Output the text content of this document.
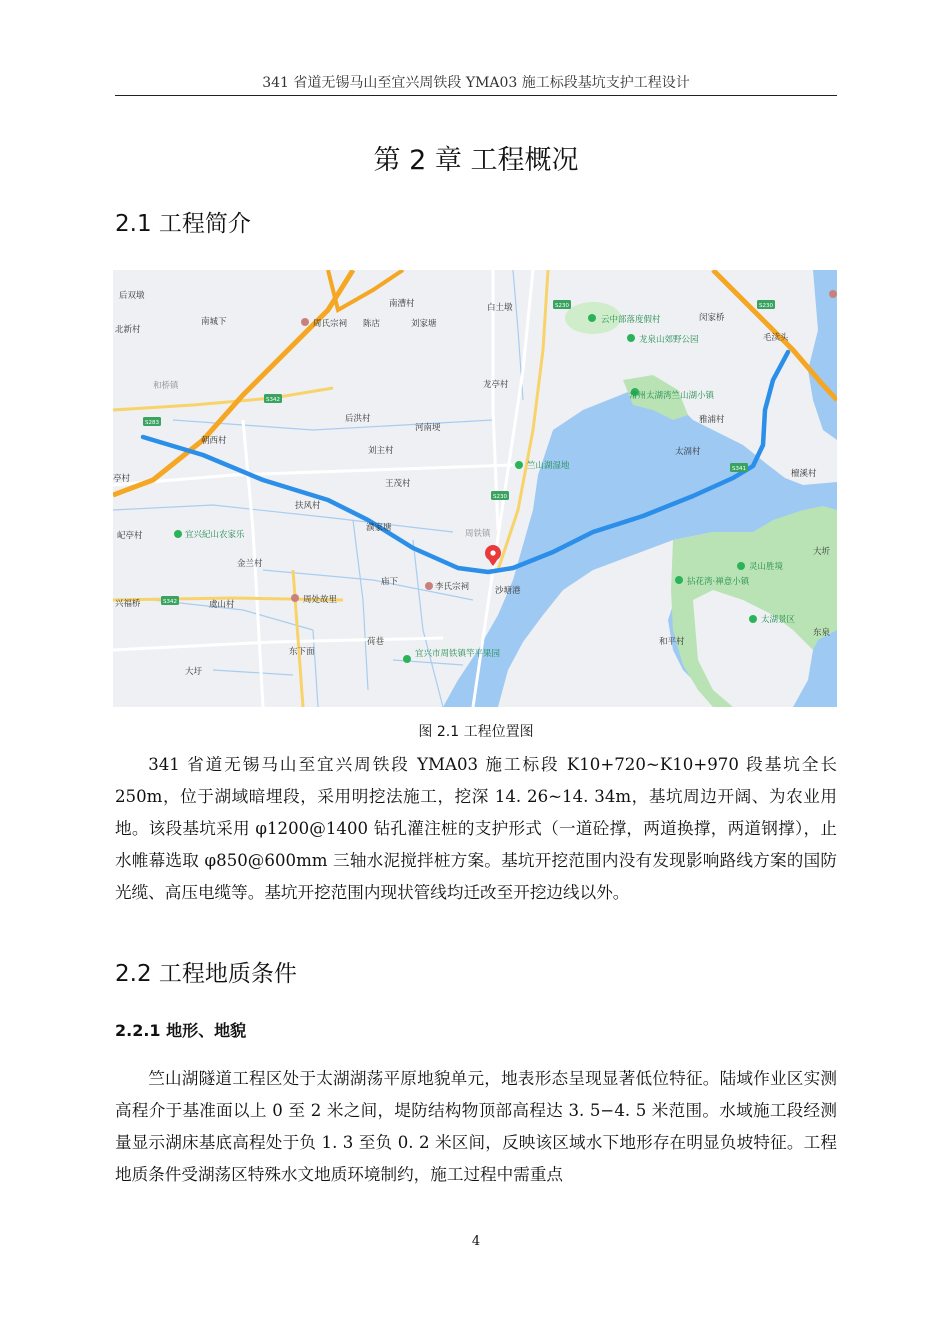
341 省道无锡马山至宜兴周铁段 YMA03 施工标段基坑支护工程设计
第 2 章 工程概况
2.1 工程简介
S230	S230
S230
S342
S342
S341
S283
后双墩
北新村
南城下	周氏宗祠 陈店
南漕村
刘家塘
白土墩
云中部落度假村
龙泉山郊野公园
闵家桥
毛渎头
和桥镇	龙亭村
后洪村
河南埂
常州太湖湾竺山湖小镇
雅浦村
太滆村
朝西村
刘主村
竺山湖湿地
檀溪村
亭村	王茂村
扶风村
周铁镇
宜兴紀山农家乐
濮家塘
屺亭村
金兰村	灵山胜境
大圻
兴福桥
庙下	李氏宗祠	沙塘港
拈花湾·禅意小镇
虞山村	周处故里
太湖景区
东泉
东下面
荷巷
宜兴市周铁镇竿平果园
和平村
大圩
图 2.1 工程位置图

341 省道无锡马山至宜兴周铁段 YMA03 施工标段 K10+720~K10+970 段基坑全长 250m，位于湖域暗埋段，采用明挖法施工，挖深 14. 26~14. 34m，基坑周边开阔、为农业用地。该段基坑采用 φ1200@1400 钻孔灌注桩的支护形式（一道砼撑，两道换撑，两道钢撑），止水帷幕选取 φ850@600mm 三轴水泥搅拌桩方案。基坑开挖范围内没有发现影响路线方案的国防光缆、高压电缆等。基坑开挖范围内现状管线均迁改至开挖边线以外。

2.2 工程地质条件
2.2.1 地形、地貌

竺山湖隧道工程区处于太湖湖荡平原地貌单元，地表形态呈现显著低位特征。陆域作业区实测高程介于基准面以上 0 至 2 米之间，堤防结构物顶部高程达 3. 5−4. 5 米范围。水域施工段经测量显示湖床基底高程处于负 1. 3 至负 0. 2 米区间，反映该区域水下地形存在明显负坡特征。工程地质条件受湖荡区特殊水文地质环境制约，施工过程中需重点

4
